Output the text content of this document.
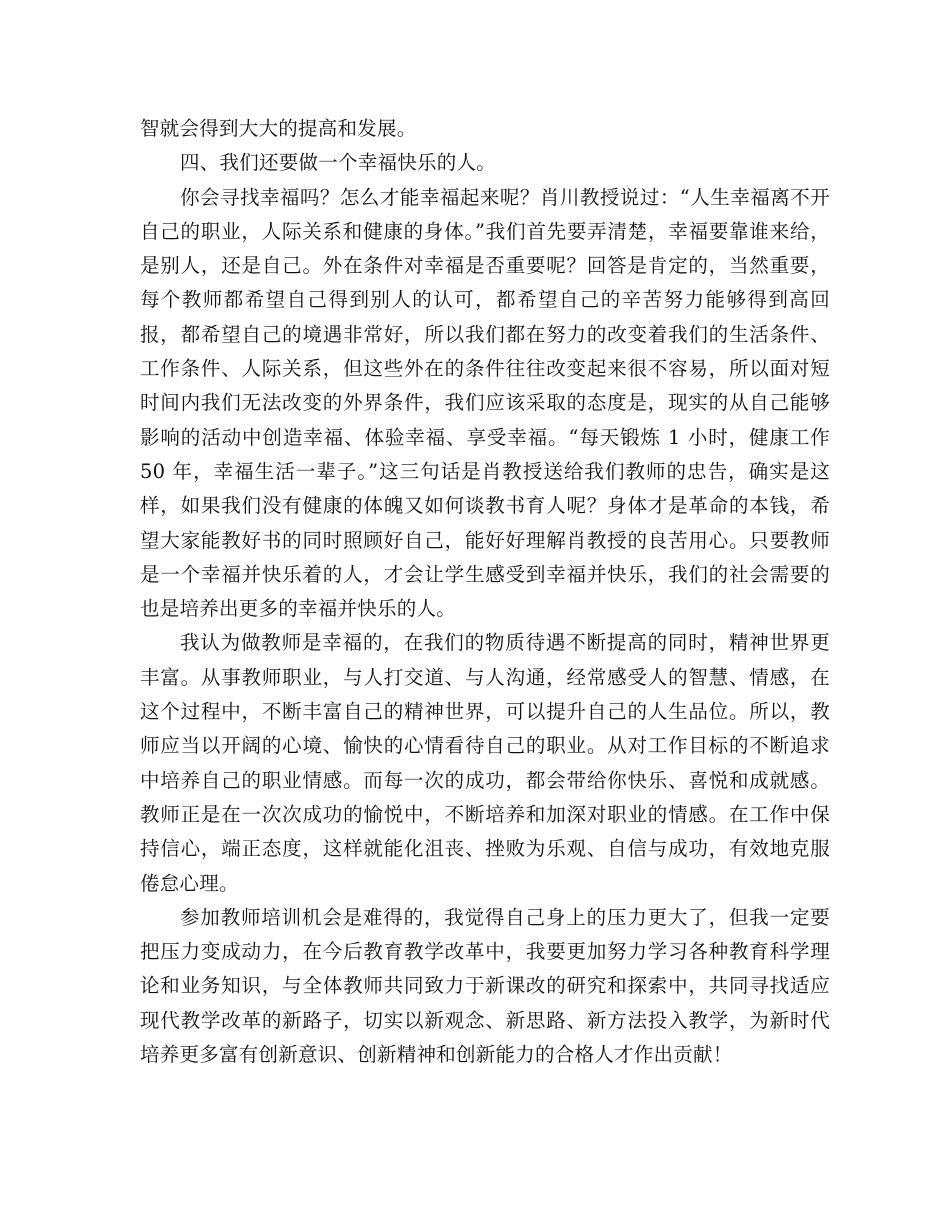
智就会得到大大的提高和发展。

四、我们还要做一个幸福快乐的人。

你会寻找幸福吗？怎么才能幸福起来呢？肖川教授说过：“人生幸福离不开自己的职业，人际关系和健康的身体。”我们首先要弄清楚，幸福要靠谁来给，是别人，还是自己。外在条件对幸福是否重要呢？回答是肯定的，当然重要，每个教师都希望自己得到别人的认可，都希望自己的辛苦努力能够得到高回报，都希望自己的境遇非常好，所以我们都在努力的改变着我们的生活条件、工作条件、人际关系，但这些外在的条件往往改变起来很不容易，所以面对短时间内我们无法改变的外界条件，我们应该采取的态度是，现实的从自己能够影响的活动中创造幸福、体验幸福、享受幸福。“每天锻炼 1 小时，健康工作 50 年，幸福生活一辈子。”这三句话是肖教授送给我们教师的忠告，确实是这样，如果我们没有健康的体魄又如何谈教书育人呢？身体才是革命的本钱，希望大家能教好书的同时照顾好自己，能好好理解肖教授的良苦用心。只要教师是一个幸福并快乐着的人，才会让学生感受到幸福并快乐，我们的社会需要的也是培养出更多的幸福并快乐的人。

我认为做教师是幸福的，在我们的物质待遇不断提高的同时，精神世界更丰富。从事教师职业，与人打交道、与人沟通，经常感受人的智慧、情感，在这个过程中，不断丰富自己的精神世界，可以提升自己的人生品位。所以，教师应当以开阔的心境、愉快的心情看待自己的职业。从对工作目标的不断追求中培养自己的职业情感。而每一次的成功，都会带给你快乐、喜悦和成就感。教师正是在一次次成功的愉悦中，不断培养和加深对职业的情感。在工作中保持信心，端正态度，这样就能化沮丧、挫败为乐观、自信与成功，有效地克服倦怠心理。

参加教师培训机会是难得的，我觉得自己身上的压力更大了，但我一定要把压力变成动力，在今后教育教学改革中，我要更加努力学习各种教育科学理论和业务知识，与全体教师共同致力于新课改的研究和探索中，共同寻找适应现代教学改革的新路子，切实以新观念、新思路、新方法投入教学，为新时代培养更多富有创新意识、创新精神和创新能力的合格人才作出贡献！
